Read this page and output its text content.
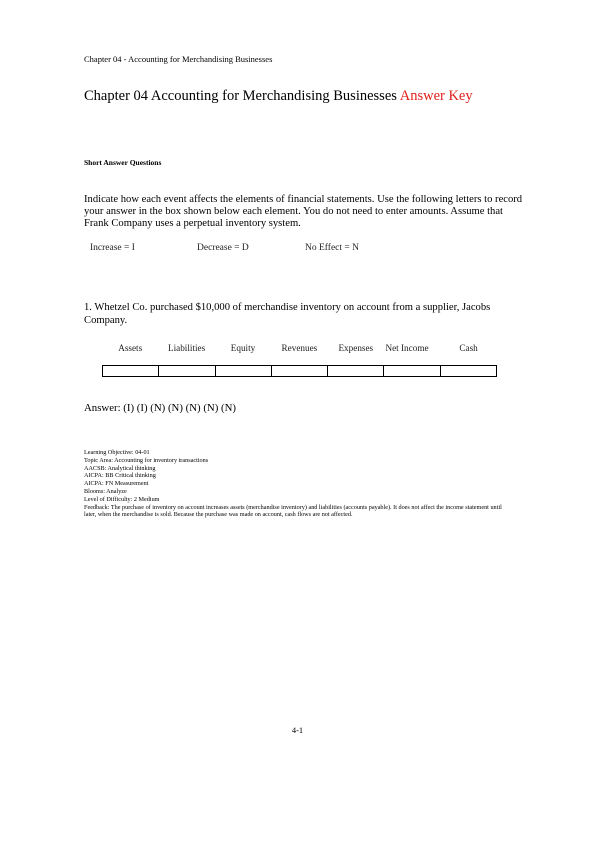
Chapter 04 - Accounting for Merchandising Businesses
Chapter 04 Accounting for Merchandising Businesses Answer Key
Short Answer Questions
Indicate how each event affects the elements of financial statements. Use the following letters to record your answer in the box shown below each element. You do not need to enter amounts. Assume that Frank Company uses a perpetual inventory system.
Increase = I	Decrease = D	No Effect = N
1. Whetzel Co. purchased $10,000 of merchandise inventory on account from a supplier, Jacobs Company.
Assets	Liabilities	Equity	Revenues	Expenses	Net Income	Cash
Answer: (I) (I) (N) (N) (N) (N) (N)
Learning Objective: 04-01
Topic Area: Accounting for inventory transactions
AACSB: Analytical thinking
AICPA: BB Critical thinking
AICPA: FN Measurement
Blooms: Analyze
Level of Difficulty: 2 Medium
Feedback: The purchase of inventory on account increases assets (merchandise inventory) and liabilities (accounts payable). It does not affect the income statement until later, when the merchandise is sold. Because the purchase was made on account, cash flows are not affected.
4-1
